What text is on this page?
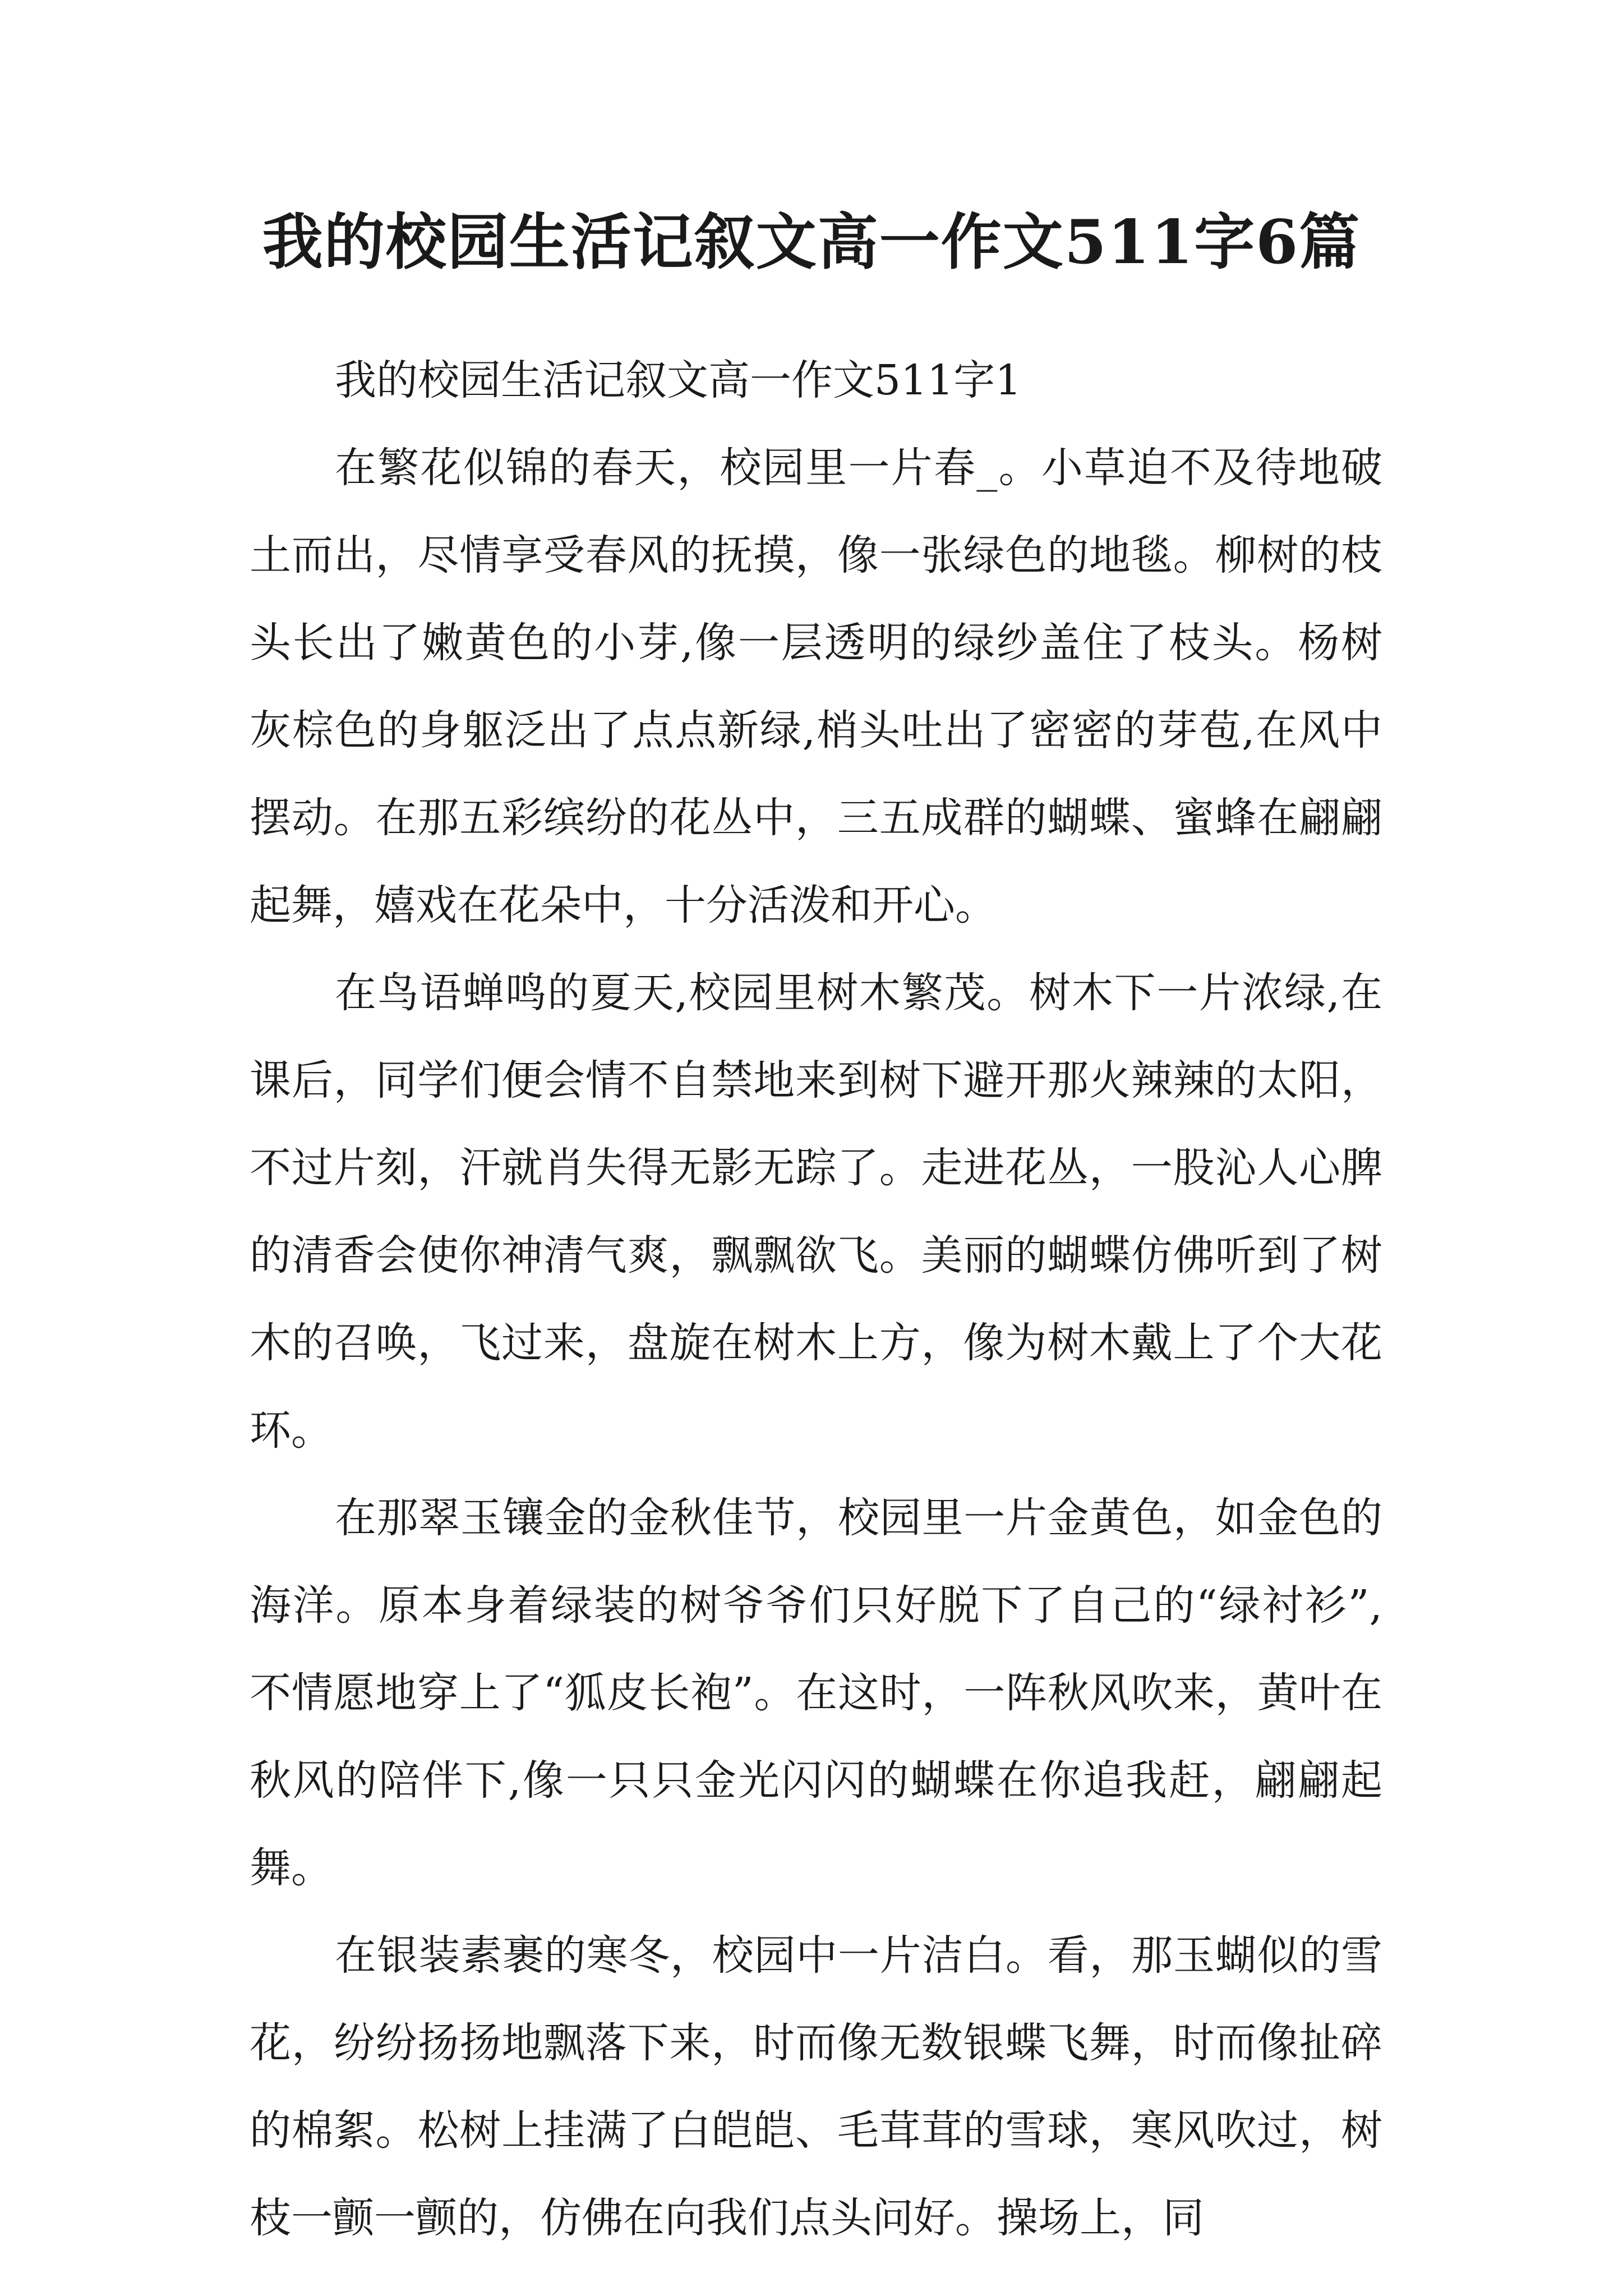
我的校园生活记叙文高一作文511字6篇

我的校园生活记叙文高一作文511字1

在繁花似锦的春天，校园里一片春_。小草迫不及待地破土而出，尽情享受春风的抚摸，像一张绿色的地毯。柳树的枝头长出了嫩黄色的小芽,像一层透明的绿纱盖住了枝头。杨树灰棕色的身躯泛出了点点新绿,梢头吐出了密密的芽苞,在风中摆动。在那五彩缤纷的花丛中，三五成群的蝴蝶、蜜蜂在翩翩起舞，嬉戏在花朵中，十分活泼和开心。

在鸟语蝉鸣的夏天,校园里树木繁茂。树木下一片浓绿,在课后，同学们便会情不自禁地来到树下避开那火辣辣的太阳，不过片刻，汗就肖失得无影无踪了。走进花丛，一股沁人心脾的清香会使你神清气爽，飘飘欲飞。美丽的蝴蝶仿佛听到了树木的召唤，飞过来，盘旋在树木上方，像为树木戴上了个大花环。

在那翠玉镶金的金秋佳节，校园里一片金黄色，如金色的海洋。原本身着绿装的树爷爷们只好脱下了自己的“绿衬衫”,不情愿地穿上了“狐皮长袍”。在这时，一阵秋风吹来，黄叶在秋风的陪伴下,像一只只金光闪闪的蝴蝶在你追我赶，翩翩起舞。

在银装素裹的寒冬，校园中一片洁白。看，那玉蝴似的雪花，纷纷扬扬地飘落下来，时而像无数银蝶飞舞，时而像扯碎的棉絮。松树上挂满了白皑皑、毛茸茸的雪球，寒风吹过，树枝一颤一颤的，仿佛在向我们点头问好。操场上，同
